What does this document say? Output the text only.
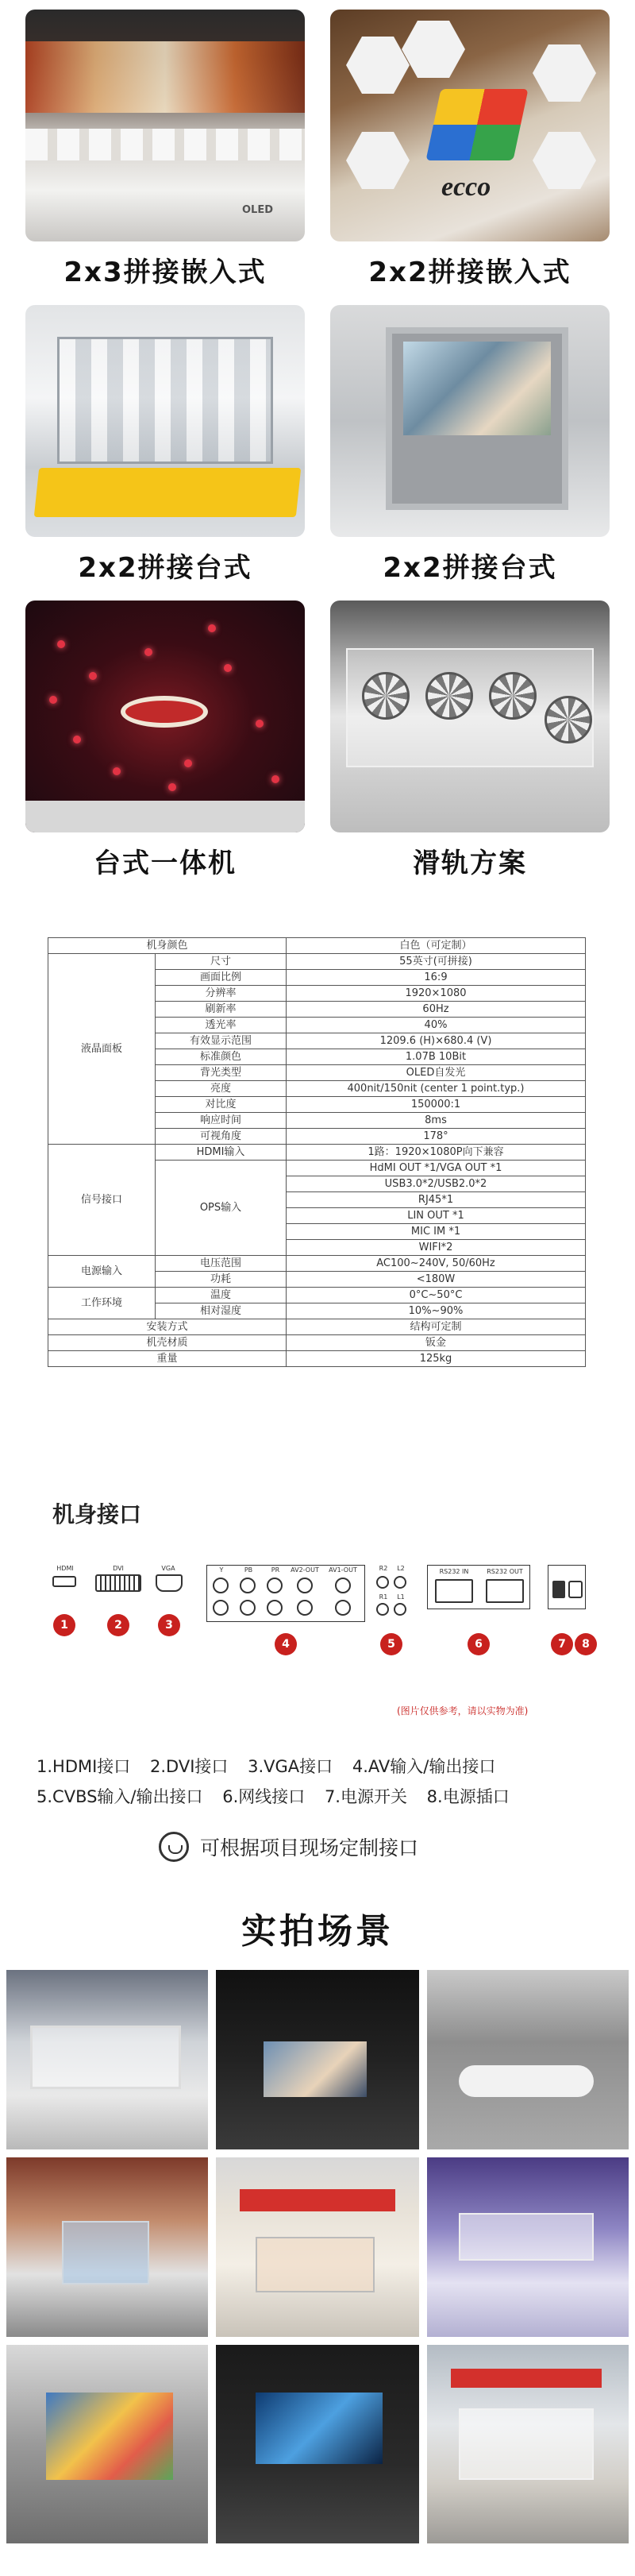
OLED
2x3拼接嵌入式
ecco
2x2拼接嵌入式
2x2拼接台式	2x2拼接台式
台式一体机	滑轨方案
机身颜色		白色（可定制）
液晶面板	尺寸	55英寸(可拼接)
	画面比例	16:9
	分辨率	1920×1080
	刷新率	60Hz
	透光率	40%
	有效显示范围	1209.6 (H)×680.4 (V)
	标准颜色	1.07B 10Bit
	背光类型	OLED自发光
	亮度	400nit/150nit (center 1 point.typ.)
	对比度	150000:1
	响应时间	8ms
	可视角度	178°
信号接口	HDMI输入	1路：1920×1080P向下兼容
	OPS输入	HdMI OUT *1/VGA OUT *1
		USB3.0*2/USB2.0*2
		RJ45*1
		LIN OUT *1
		MIC IM *1
		WIFI*2
电源输入	电压范围	AC100~240V, 50/60Hz
	功耗	<180W
工作环境	温度	0°C~50°C
	相对湿度	10%~90%
安装方式		结构可定制
机壳材质		钣金
重量		125kg
机身接口
HDMI	DVI	VGA	Y	PB	PR	AV2-OUT	AV1-OUT	R2	L2
R1	L1
RS232 IN	RS232 OUT
1	2	3
4	5	6	7	8
(图片仅供参考，请以实物为准)
1.HDMI接口 2.DVI接口 3.VGA接口 4.AV输入/输出接口
5.CVBS输入/输出接口 6.网线接口 7.电源开关 8.电源插口
可根据项目现场定制接口
实拍场景
